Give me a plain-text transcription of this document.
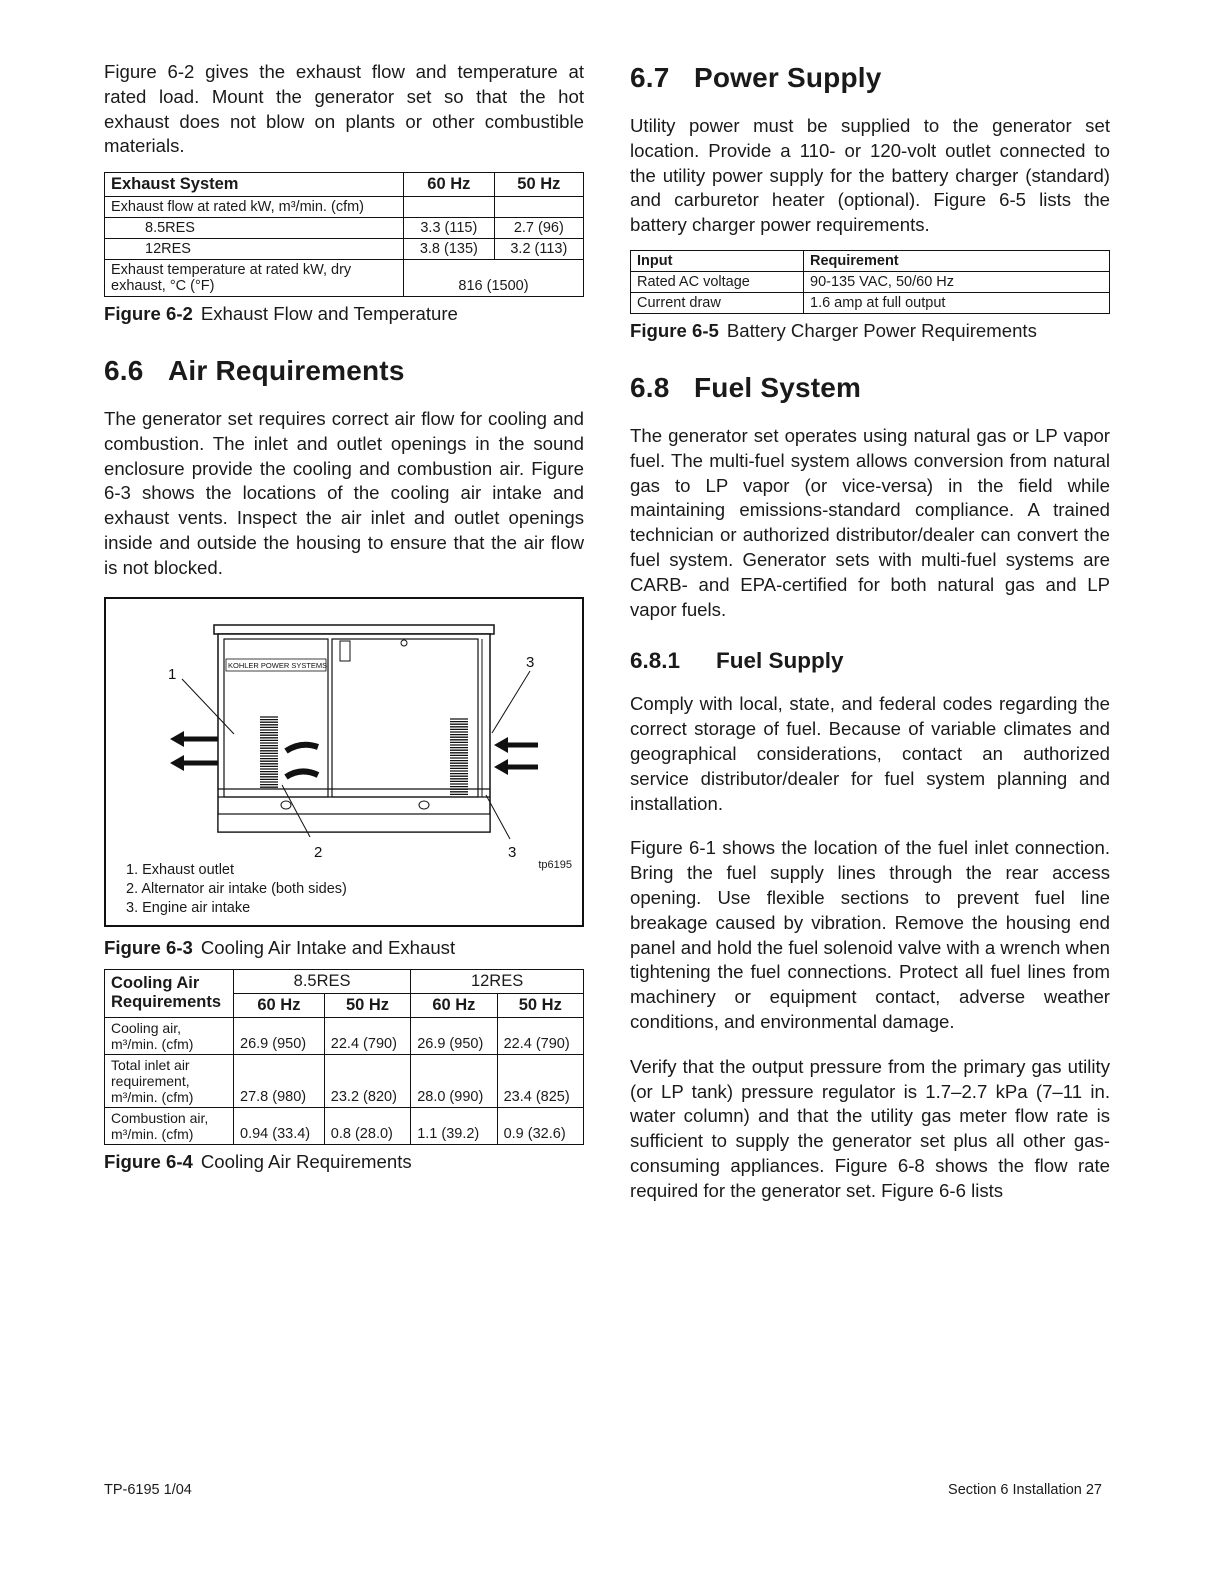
Figure 6-2 gives the exhaust flow and temperature at rated load. Mount the generator set so that the hot exhaust does not blow on plants or other combustible materials.

Exhaust System	60 Hz	50 Hz
Exhaust flow at rated kW, m³/min. (cfm)		
8.5RES	3.3 (115)	2.7 (96)
12RES	3.8 (135)	3.2 (113)
Exhaust temperature at rated kW, dry exhaust, °C (°F)	816 (1500)	

Figure 6-2 Exhaust Flow and Temperature

6.6 Air Requirements

The generator set requires correct air flow for cooling and combustion. The inlet and outlet openings in the sound enclosure provide the cooling and combustion air. Figure 6-3 shows the locations of the cooling air intake and exhaust vents. Inspect the air inlet and outlet openings inside and outside the housing to ensure that the air flow is not blocked.

KOHLER POWER SYSTEMS
1
3
2	3
tp6195
1. Exhaust outlet
2. Alternator air intake (both sides)
3. Engine air intake

Figure 6-3 Cooling Air Intake and Exhaust

Cooling Air Requirements	8.5RES		12RES	
	60 Hz	50 Hz	60 Hz	50 Hz
Cooling air, m³/min. (cfm)	26.9 (950)	22.4 (790)	26.9 (950)	22.4 (790)
Total inlet air requirement, m³/min. (cfm)	27.8 (980)	23.2 (820)	28.0 (990)	23.4 (825)
Combustion air, m³/min. (cfm)	0.94 (33.4)	0.8 (28.0)	1.1 (39.2)	0.9 (32.6)

Figure 6-4 Cooling Air Requirements

6.7 Power Supply

Utility power must be supplied to the generator set location. Provide a 110- or 120-volt outlet connected to the utility power supply for the battery charger (standard) and carburetor heater (optional). Figure 6-5 lists the battery charger power requirements.

Input	Requirement
Rated AC voltage	90-135 VAC, 50/60 Hz
Current draw	1.6 amp at full output

Figure 6-5 Battery Charger Power Requirements

6.8 Fuel System

The generator set operates using natural gas or LP vapor fuel. The multi-fuel system allows conversion from natural gas to LP vapor (or vice-versa) in the field while maintaining emissions-standard compliance. A trained technician or authorized distributor/dealer can convert the fuel system. Generator sets with multi-fuel systems are CARB- and EPA-certified for both natural gas and LP vapor fuels.

6.8.1 Fuel Supply

Comply with local, state, and federal codes regarding the correct storage of fuel. Because of variable climates and geographical considerations, contact an authorized service distributor/dealer for fuel system planning and installation.

Figure 6-1 shows the location of the fuel inlet connection. Bring the fuel supply lines through the rear access opening. Use flexible sections to prevent fuel line breakage caused by vibration. Remove the housing end panel and hold the fuel solenoid valve with a wrench when tightening the fuel connections. Protect all fuel lines from machinery or equipment contact, adverse weather conditions, and environmental damage.

Verify that the output pressure from the primary gas utility (or LP tank) pressure regulator is 1.7–2.7 kPa (7–11 in. water column) and that the utility gas meter flow rate is sufficient to supply the generator set plus all other gas-consuming appliances. Figure 6-8 shows the flow rate required for the generator set. Figure 6-6 lists

TP-6195 1/04	Section 6 Installation 27
